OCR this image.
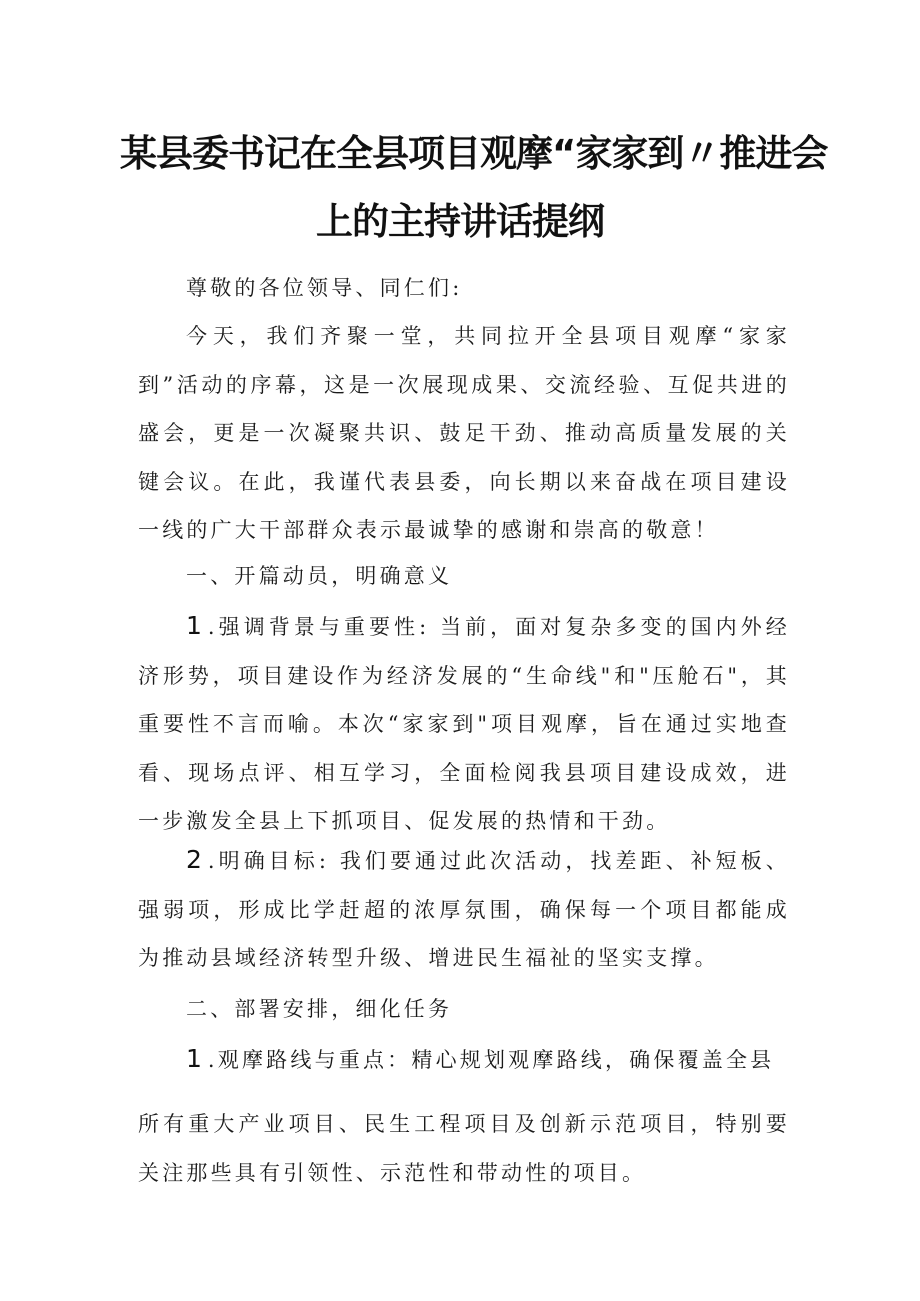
某县委书记在全县项目观摩“家家到〃推进会
上的主持讲话提纲

尊敬的各位领导、同仁们:

今天，我们齐聚一堂，共同拉开全县项目观摩“家家到”活动的序幕，这是一次展现成果、交流经验、互促共进的盛会，更是一次凝聚共识、鼓足干劲、推动高质量发展的关键会议。在此，我谨代表县委，向长期以来奋战在项目建设一线的广大干部群众表示最诚挚的感谢和崇高的敬意！

一、开篇动员，明确意义

1.强调背景与重要性: 当前，面对复杂多变的国内外经济形势，项目建设作为经济发展的“生命线"和"压舱石"，其重要性不言而喻。本次“家家到"项目观摩，旨在通过实地查看、现场点评、相互学习，全面检阅我县项目建设成效，进一步激发全县上下抓项目、促发展的热情和干劲。

2.明确目标: 我们要通过此次活动，找差距、补短板、强弱项，形成比学赶超的浓厚氛围，确保每一个项目都能成为推动县域经济转型升级、增进民生福祉的坚实支撑。

二、部署安排，细化任务

1.观摩路线与重点：精心规划观摩路线，确保覆盖全县

所有重大产业项目、民生工程项目及创新示范项目，特别要关注那些具有引领性、示范性和带动性的项目。
